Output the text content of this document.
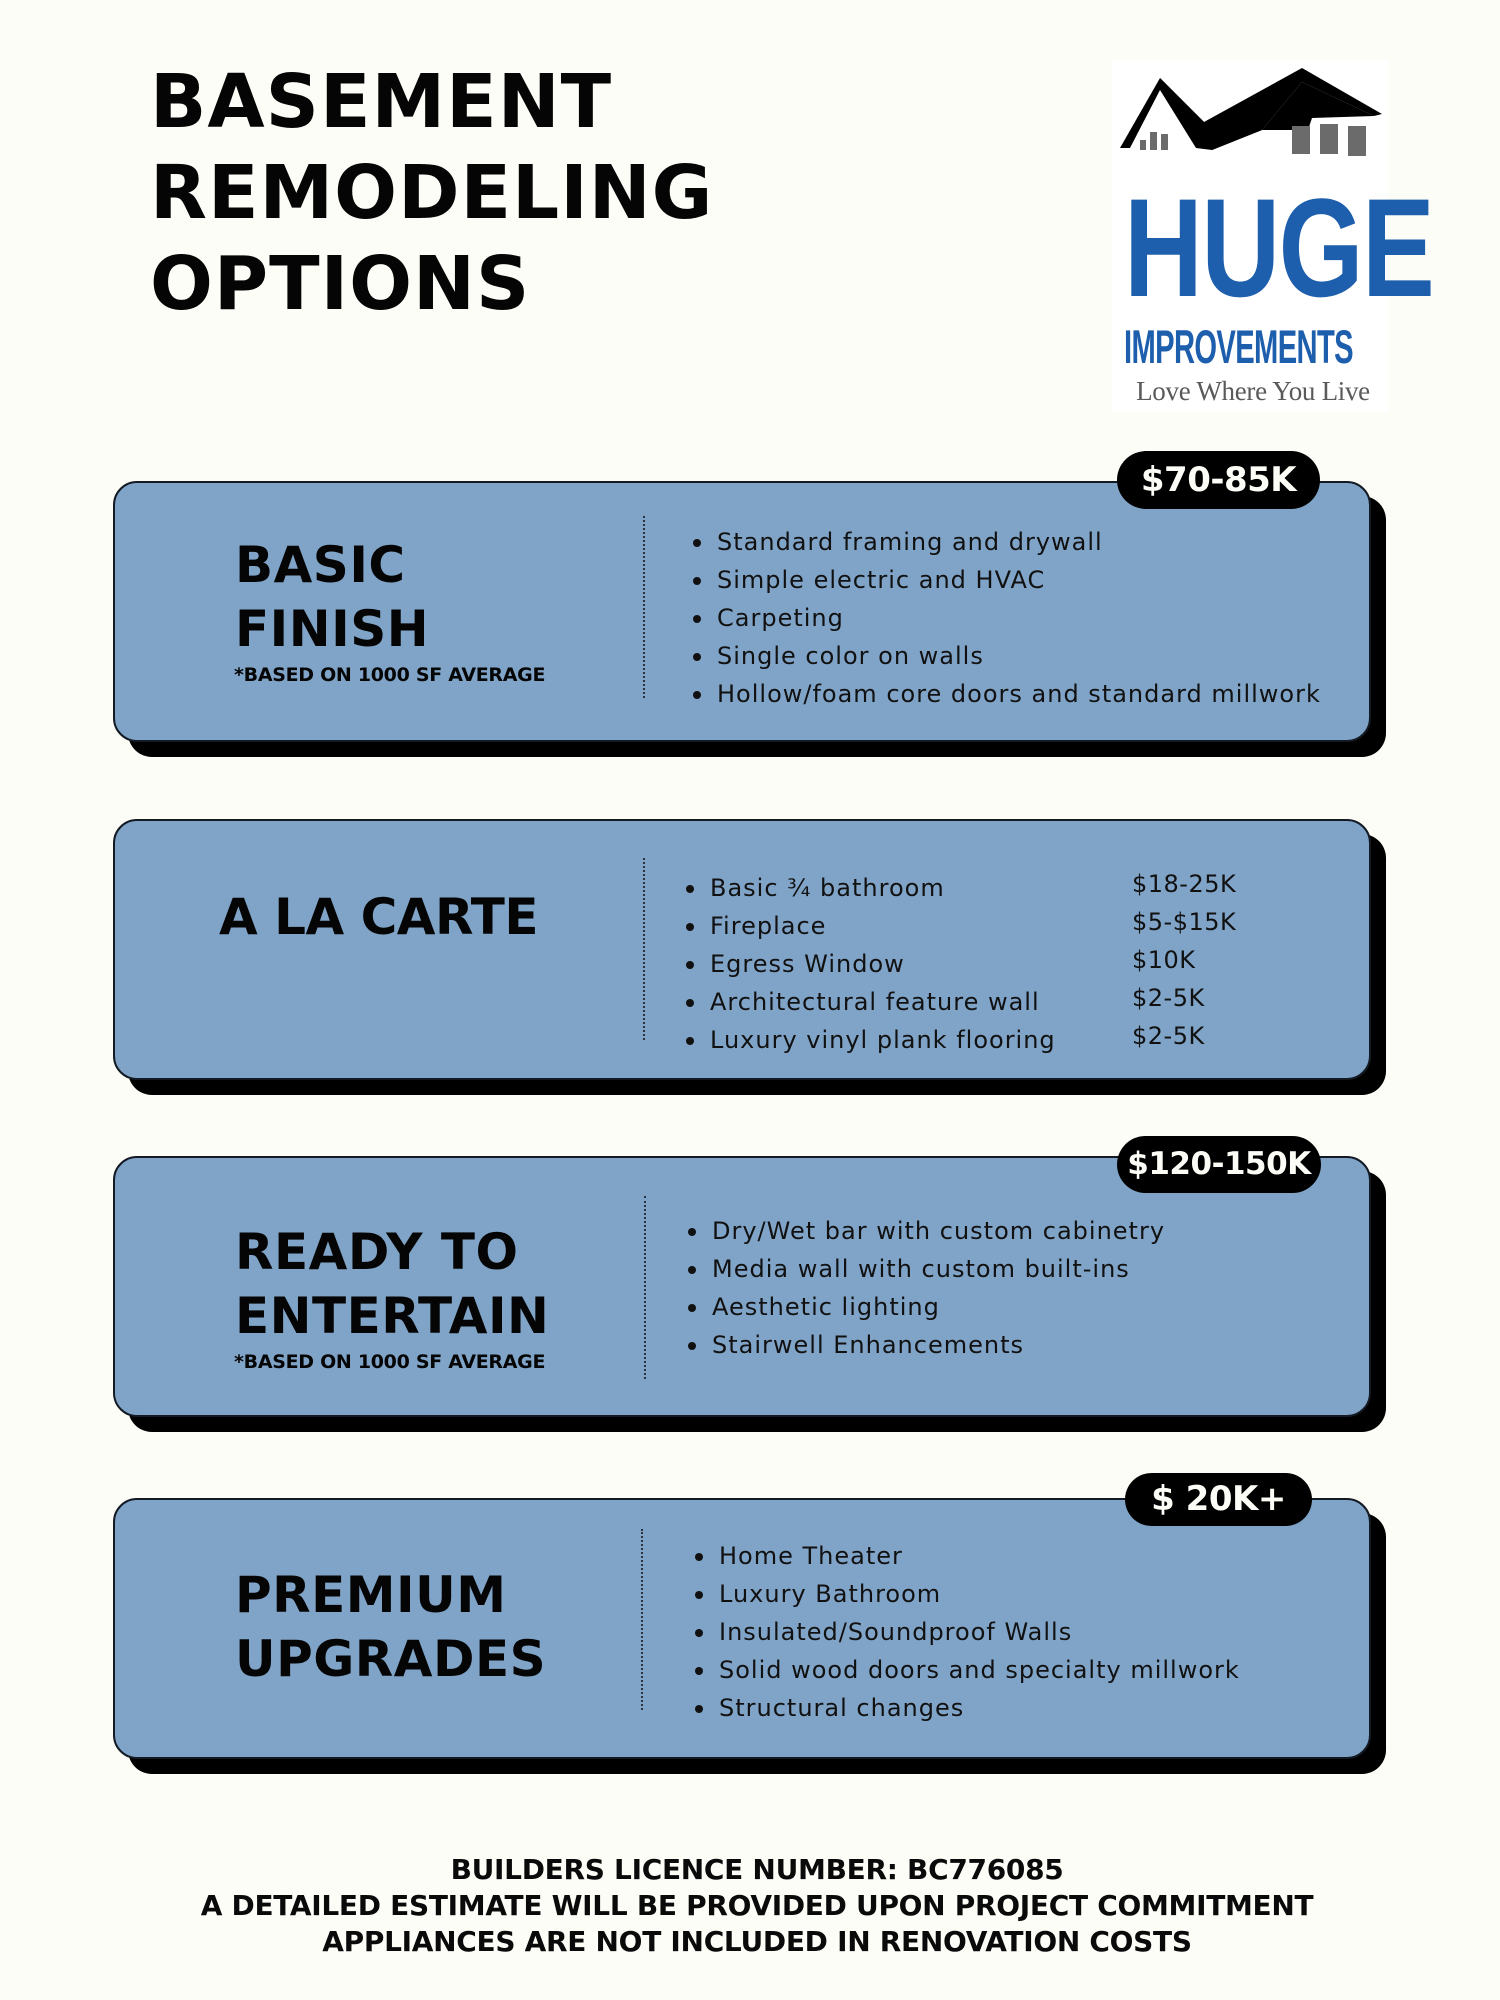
BASEMENT
REMODELING
OPTIONS	HUGE
IMPROVEMENTS
Love Where You Live
BASIC
FINISH
*BASED ON 1000 SF AVERAGE
Standard framing and drywall
Simple electric and HVAC
Carpeting
Single color on walls
Hollow/foam core doors and standard millwork
$70-85K
A LA CARTE	Basic ¾ bathroom	$18-25K
Fireplace	$5-$15K
Egress Window	$10K
Architectural feature wall	$2-5K
Luxury vinyl plank flooring	$2-5K
READY TO
ENTERTAIN
*BASED ON 1000 SF AVERAGE
Dry/Wet bar with custom cabinetry
Media wall with custom built-ins
Aesthetic lighting
Stairwell Enhancements
$120-150K
PREMIUM
UPGRADES
Home Theater
Luxury Bathroom
Insulated/Soundproof Walls
Solid wood doors and specialty millwork
Structural changes
$ 20K+
BUILDERS LICENCE NUMBER: BC776085
A DETAILED ESTIMATE WILL BE PROVIDED UPON PROJECT COMMITMENT
APPLIANCES ARE NOT INCLUDED IN RENOVATION COSTS
